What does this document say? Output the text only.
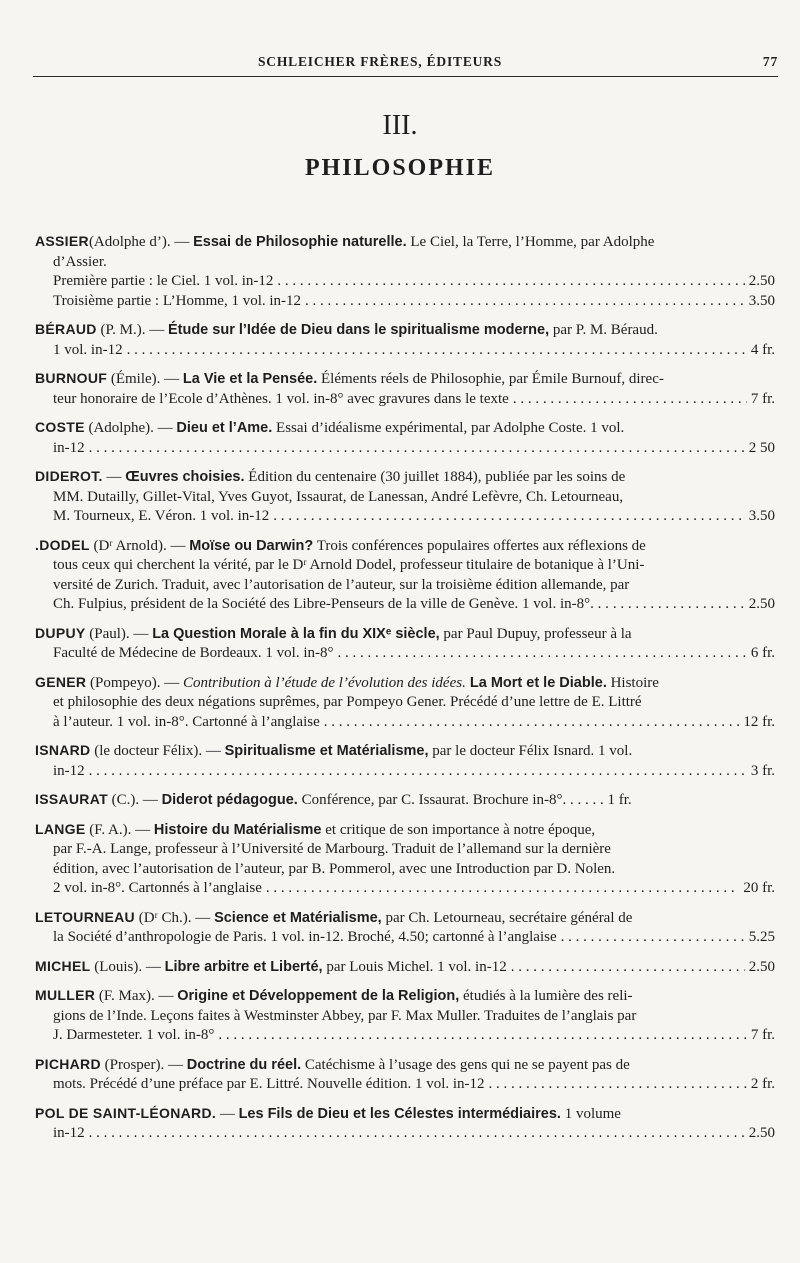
SCHLEICHER FRÈRES, ÉDITEURS	77
III.
PHILOSOPHIE
ASSIER(Adolphe d’). — Essai de Philosophie naturelle. Le Ciel, la Terre, l’Homme, par Adolphe
d’Assier.
Première partie : le Ciel. 1 vol. in-12 . . .	2.50
Troisième partie : L’Homme, 1 vol. in-12 . . .	3.50
BÉRAUD (P. M.). — Étude sur l’Idée de Dieu dans le spiritualisme moderne, par P. M. Béraud.
1 vol. in-12 . . .	4 fr.
BURNOUF (Émile). — La Vie et la Pensée. Éléments réels de Philosophie, par Émile Burnouf, direc-
teur honoraire de l’Ecole d’Athènes. 1 vol. in-8° avec gravures dans le texte . . .	7 fr.
COSTE (Adolphe). — Dieu et l’Ame. Essai d’idéalisme expérimental, par Adolphe Coste. 1 vol.
in-12 . . .	2 50
DIDEROT. — Œuvres choisies. Édition du centenaire (30 juillet 1884), publiée par les soins de
MM. Dutailly, Gillet-Vital, Yves Guyot, Issaurat, de Lanessan, André Lefèvre, Ch. Letourneau,
M. Tourneux, E. Véron. 1 vol. in-12 . . .	3.50
.DODEL (Dʳ Arnold). — Moïse ou Darwin? Trois conférences populaires offertes aux réflexions de
tous ceux qui cherchent la vérité, par le Dʳ Arnold Dodel, professeur titulaire de botanique à l’Uni-
versité de Zurich. Traduit, avec l’autorisation de l’auteur, sur la troisième édition allemande, par
Ch. Fulpius, président de la Société des Libre-Penseurs de la ville de Genève. 1 vol. in-8°. . . . . .	2.50
DUPUY (Paul). — La Question Morale à la fin du XIXᵉ siècle, par Paul Dupuy, professeur à la
Faculté de Médecine de Bordeaux. 1 vol. in-8° . . .	6 fr.
GENER (Pompeyo). — Contribution à l’étude de l’évolution des idées. La Mort et le Diable. Histoire
et philosophie des deux négations suprêmes, par Pompeyo Gener. Précédé d’une lettre de E. Littré
à l’auteur. 1 vol. in-8°. Cartonné à l’anglaise . . .	12 fr.
ISNARD (le docteur Félix). — Spiritualisme et Matérialisme, par le docteur Félix Isnard. 1 vol.
in-12 . . .	3 fr.
ISSAURAT (C.). — Diderot pédagogue. Conférence, par C. Issaurat. Brochure in-8°. . . . . . 1 fr.
LANGE (F. A.). — Histoire du Matérialisme et critique de son importance à notre époque,
par F.-A. Lange, professeur à l’Université de Marbourg. Traduit de l’allemand sur la dernière
édition, avec l’autorisation de l’auteur, par B. Pommerol, avec une Introduction par D. Nolen.
2 vol. in-8°. Cartonnés à l’anglaise . . .	20 fr.
LETOURNEAU (Dʳ Ch.). — Science et Matérialisme, par Ch. Letourneau, secrétaire général de
la Société d’anthropologie de Paris. 1 vol. in-12. Broché, 4.50; cartonné à l’anglaise . . .	5.25
MICHEL (Louis). — Libre arbitre et Liberté, par Louis Michel. 1 vol. in-12 . . .	2.50
MULLER (F. Max). — Origine et Développement de la Religion, étudiés à la lumière des reli-
gions de l’Inde. Leçons faites à Westminster Abbey, par F. Max Muller. Traduites de l’anglais par
J. Darmesteter. 1 vol. in-8° . . .	7 fr.
PICHARD (Prosper). — Doctrine du réel. Catéchisme à l’usage des gens qui ne se payent pas de
mots. Précédé d’une préface par E. Littré. Nouvelle édition. 1 vol. in-12 . . .	2 fr.
POL DE SAINT-LÉONARD. — Les Fils de Dieu et les Célestes intermédiaires. 1 volume
in-12 . . .	2.50
